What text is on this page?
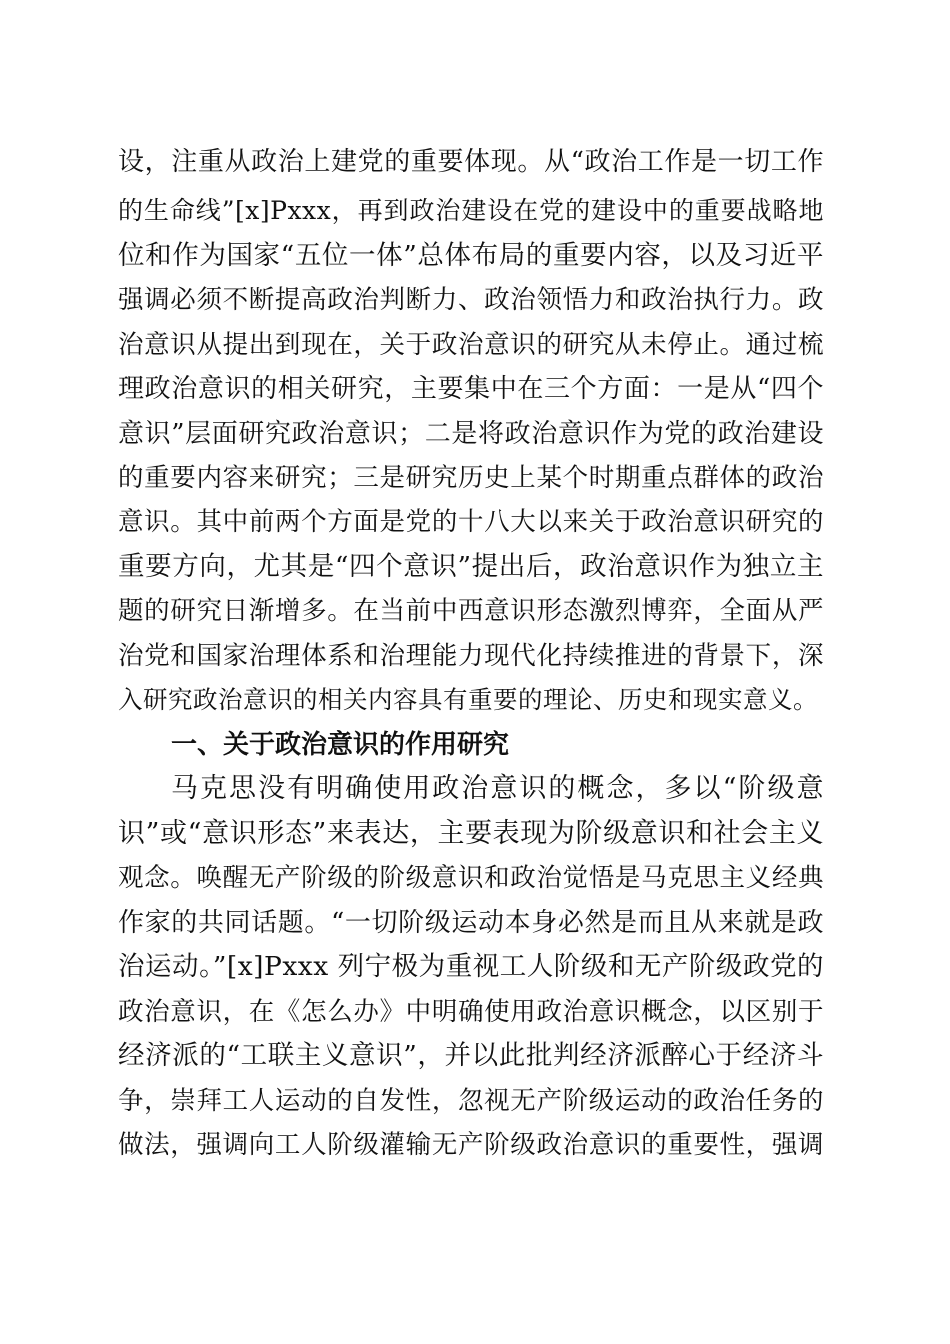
设，注重从政治上建党的重要体现。从“政治工作是一切工作
的生命线”[x]Pxxx，再到政治建设在党的建设中的重要战略地
位和作为国家“五位一体”总体布局的重要内容，以及习近平
强调必须不断提高政治判断力、政治领悟力和政治执行力。政
治意识从提出到现在，关于政治意识的研究从未停止。通过梳
理政治意识的相关研究，主要集中在三个方面：一是从“四个
意识”层面研究政治意识；二是将政治意识作为党的政治建设
的重要内容来研究；三是研究历史上某个时期重点群体的政治
意识。其中前两个方面是党的十八大以来关于政治意识研究的
重要方向，尤其是“四个意识”提出后，政治意识作为独立主
题的研究日渐增多。在当前中西意识形态激烈博弈，全面从严
治党和国家治理体系和治理能力现代化持续推进的背景下，深
入研究政治意识的相关内容具有重要的理论、历史和现实意义。
一、关于政治意识的作用研究
马克思没有明确使用政治意识的概念，多以“阶级意
识”或“意识形态”来表达，主要表现为阶级意识和社会主义
观念。唤醒无产阶级的阶级意识和政治觉悟是马克思主义经典
作家的共同话题。“一切阶级运动本身必然是而且从来就是政
治运动。”[x]Pxxx 列宁极为重视工人阶级和无产阶级政党的
政治意识，在《怎么办》中明确使用政治意识概念，以区别于
经济派的“工联主义意识”，并以此批判经济派醉心于经济斗
争，崇拜工人运动的自发性，忽视无产阶级运动的政治任务的
做法，强调向工人阶级灌输无产阶级政治意识的重要性，强调
